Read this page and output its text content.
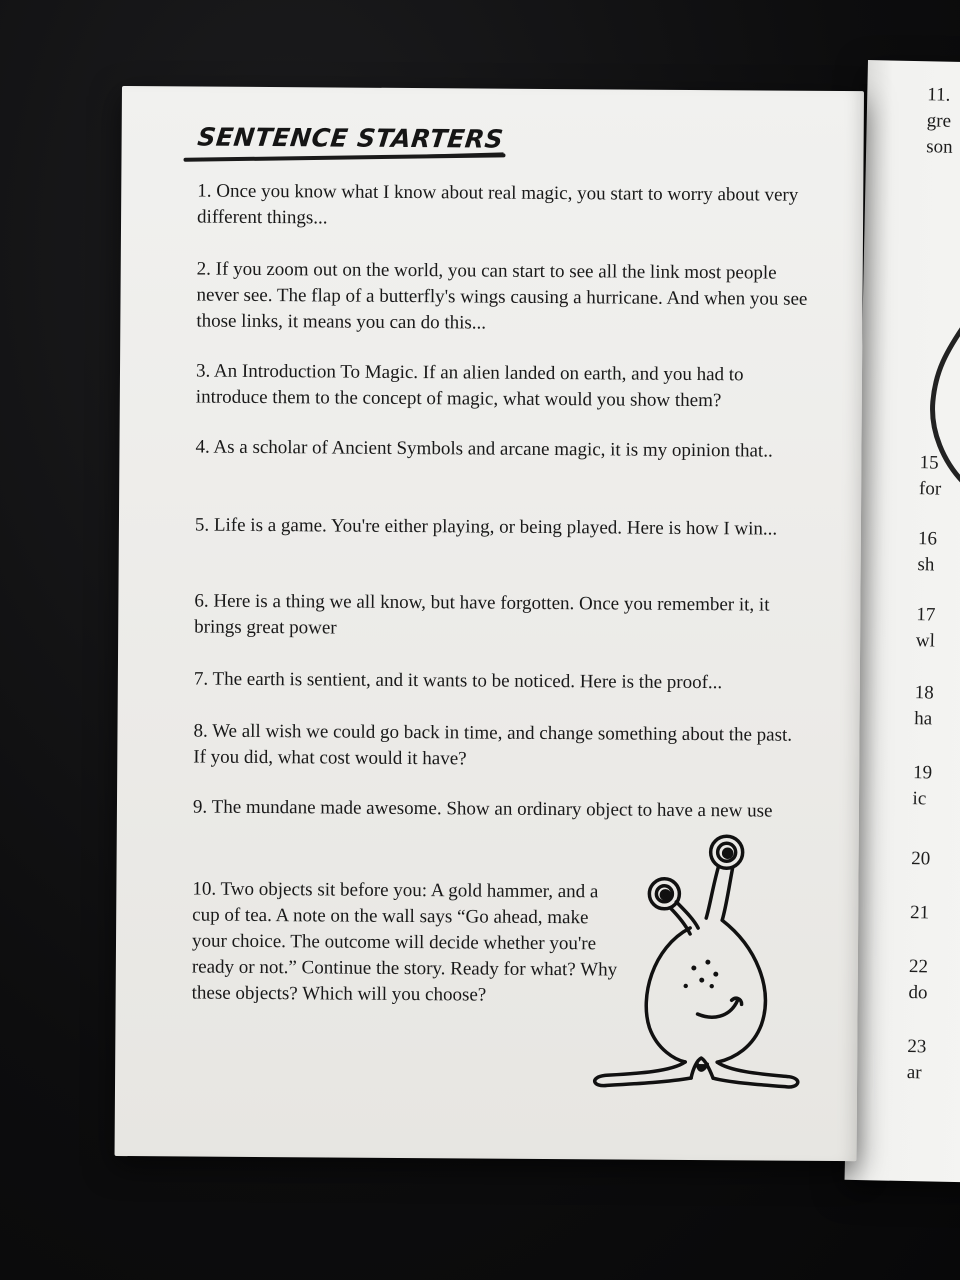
11.
gre
son
15
for
16
sh
17
wl
18
ha
19
ic
20
21
22
do
23
ar
SENTENCE STARTERS
1. Once you know what I know about real magic, you start to worry about very different things...
2. If you zoom out on the world, you can start to see all the link most people never see. The flap of a butterfly's wings causing a hurricane. And when you see those links, it means you can do this...
3. An Introduction To Magic. If an alien landed on earth, and you had to introduce them to the concept of magic, what would you show them?
4. As a scholar of Ancient Symbols and arcane magic, it is my opinion that..
5. Life is a game. You're either playing, or being played. Here is how I win...
6. Here is a thing we all know, but have forgotten. Once you remember it, it brings great power
7. The earth is sentient, and it wants to be noticed. Here is the proof...
8. We all wish we could go back in time, and change something about the past. If you did, what cost would it have?
9. The mundane made awesome. Show an ordinary object to have a new use
10. Two objects sit before you: A gold hammer, and a cup of tea. A note on the wall says “Go ahead, make your choice. The outcome will decide whether you're ready or not.” Continue the story. Ready for what? Why these objects? Which will you choose?
